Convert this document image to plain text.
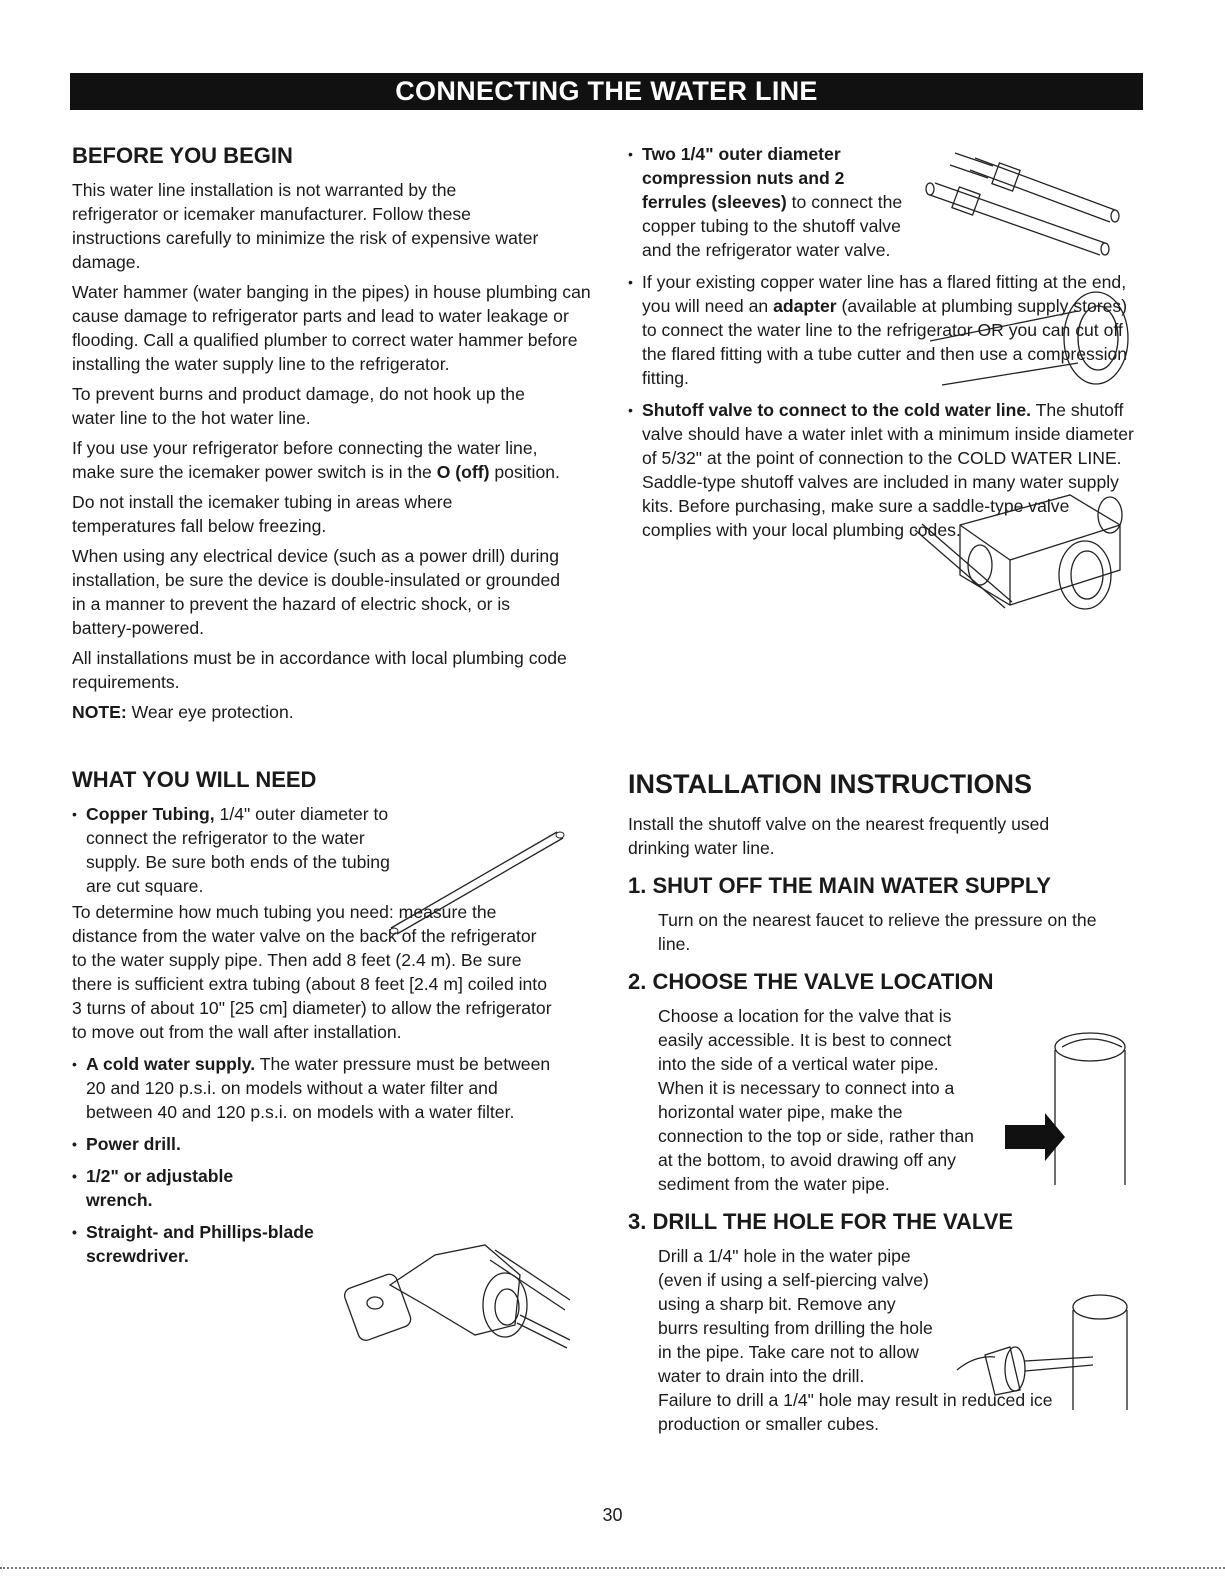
CONNECTING THE WATER LINE
BEFORE YOU BEGIN

This water line installation is not warranted by the refrigerator or icemaker manufacturer. Follow these instructions carefully to minimize the risk of expensive water damage.

Water hammer (water banging in the pipes) in house plumbing can cause damage to refrigerator parts and lead to water leakage or flooding. Call a qualified plumber to correct water hammer before installing the water supply line to the refrigerator.

To prevent burns and product damage, do not hook up the water line to the hot water line.

If you use your refrigerator before connecting the water line, make sure the icemaker power switch is in the O (off) position.

Do not install the icemaker tubing in areas where temperatures fall below freezing.

When using any electrical device (such as a power drill) during installation, be sure the device is double-insulated or grounded in a manner to prevent the hazard of electric shock, or is battery-powered.

All installations must be in accordance with local plumbing code requirements.

NOTE: Wear eye protection.

WHAT YOU WILL NEED

• Copper Tubing, 1/4" outer diameter to connect the refrigerator to the water supply. Be sure both ends of the tubing are cut square.

To determine how much tubing you need: measure the distance from the water valve on the back of the refrigerator to the water supply pipe. Then add 8 feet (2.4 m). Be sure there is sufficient extra tubing (about 8 feet [2.4 m] coiled into 3 turns of about 10" [25 cm] diameter) to allow the refrigerator to move out from the wall after installation.

• A cold water supply. The water pressure must be between 20 and 120 p.s.i. on models without a water filter and between 40 and 120 p.s.i. on models with a water filter.

• Power drill.

• 1/2" or adjustable wrench.

• Straight- and Phillips-blade screwdriver.

• Two 1/4" outer diameter compression nuts and 2 ferrules (sleeves) to connect the copper tubing to the shutoff valve and the refrigerator water valve.

• If your existing copper water line has a flared fitting at the end, you will need an adapter (available at plumbing supply stores) to connect the water line to the refrigerator OR you can cut off the flared fitting with a tube cutter and then use a compression fitting.

• Shutoff valve to connect to the cold water line. The shutoff valve should have a water inlet with a minimum inside diameter of 5/32" at the point of connection to the COLD WATER LINE. Saddle-type shutoff valves are included in many water supply kits. Before purchasing, make sure a saddle-type valve complies with your local plumbing codes.

INSTALLATION INSTRUCTIONS

Install the shutoff valve on the nearest frequently used drinking water line.

1. SHUT OFF THE MAIN WATER SUPPLY

Turn on the nearest faucet to relieve the pressure on the line.

2. CHOOSE THE VALVE LOCATION

Choose a location for the valve that is easily accessible. It is best to connect into the side of a vertical water pipe. When it is necessary to connect into a horizontal water pipe, make the connection to the top or side, rather than at the bottom, to avoid drawing off any sediment from the water pipe.

3. DRILL THE HOLE FOR THE VALVE

Drill a 1/4" hole in the water pipe (even if using a self-piercing valve) using a sharp bit. Remove any burrs resulting from drilling the hole in the pipe. Take care not to allow water to drain into the drill.

Failure to drill a 1/4" hole may result in reduced ice production or smaller cubes.

30
